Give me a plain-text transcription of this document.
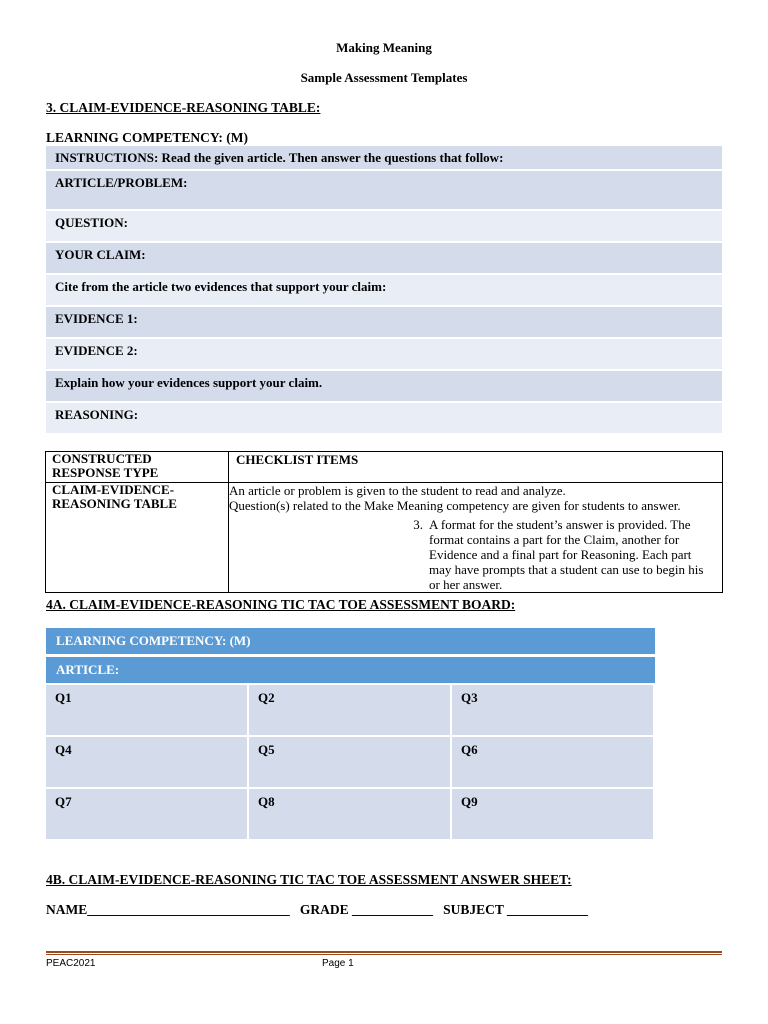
Making Meaning
Sample Assessment Templates
3. CLAIM-EVIDENCE-REASONING TABLE:
LEARNING COMPETENCY: (M)
INSTRUCTIONS: Read the given article. Then answer the questions that follow:
ARTICLE/PROBLEM:
QUESTION:
YOUR CLAIM:
Cite from the article two evidences that support your claim:
EVIDENCE 1:
EVIDENCE 2:
Explain how your evidences support your claim.
REASONING:
CONSTRUCTED RESPONSE TYPE	CHECKLIST ITEMS

CLAIM-EVIDENCE-REASONING TABLE	An article or problem is given to the student to read and analyze.
Question(s) related to the Make Meaning competency are given for students to answer.
3. A format for the student’s answer is provided. The format contains a part for the Claim, another for Evidence and a final part for Reasoning. Each part may have prompts that a student can use to begin his or her answer.
4A. CLAIM-EVIDENCE-REASONING TIC TAC TOE ASSESSMENT BOARD:
LEARNING COMPETENCY: (M)
ARTICLE:
Q1	Q2	Q3
Q4	Q5	Q6
Q7	Q8	Q9
4B. CLAIM-EVIDENCE-REASONING TIC TAC TOE ASSESSMENT ANSWER SHEET:
NAME______________________________   GRADE ____________   SUBJECT ____________
PEAC2021	Page 1
